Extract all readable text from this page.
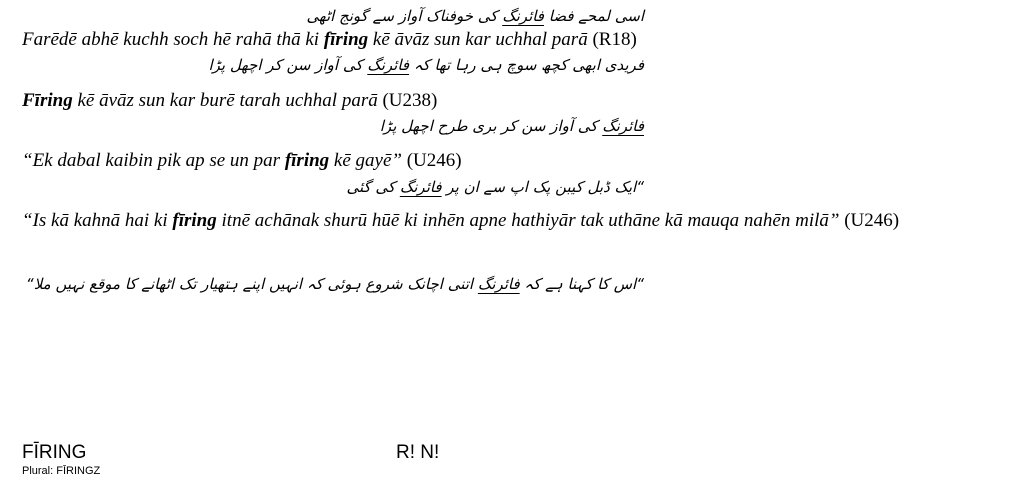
اسی لمحے فضا فائرنگ کی خوفناک آواز سے گونج اٹھی
Farēdē abhē kuchh soch hē rahā thā ki fīring kē āvāz sun kar uchhal parā (R18)
فریدی ابھی کچھ سوچ ہی رہا تھا کہ فائرنگ کی آواز سن کر اچھل پڑا
Fīring kē āvāz sun kar burē tarah uchhal parā (U238)
فائرنگ کی آواز سن کر بری طرح اچھل پڑا
“Ek dabal kaibin pik ap se un par fīring kē gayē” (U246)
“ایک ڈبل کیبن پک اپ سے ان پر فائرنگ کی گئی
“Is kā kahnā hai ki fīring itnē achānak shurū hūē ki inhēn apne hathiyār tak uthāne kā mauqa nahēn milā” (U246)
“اس کا کہنا ہے کہ فائرنگ اتنی اچانک شروع ہوئی کہ انہیں اپنے ہتھیار تک اٹھانے کا موقع نہیں ملا“
FĪRING	R! N!
Plural: FĪRINGZ
